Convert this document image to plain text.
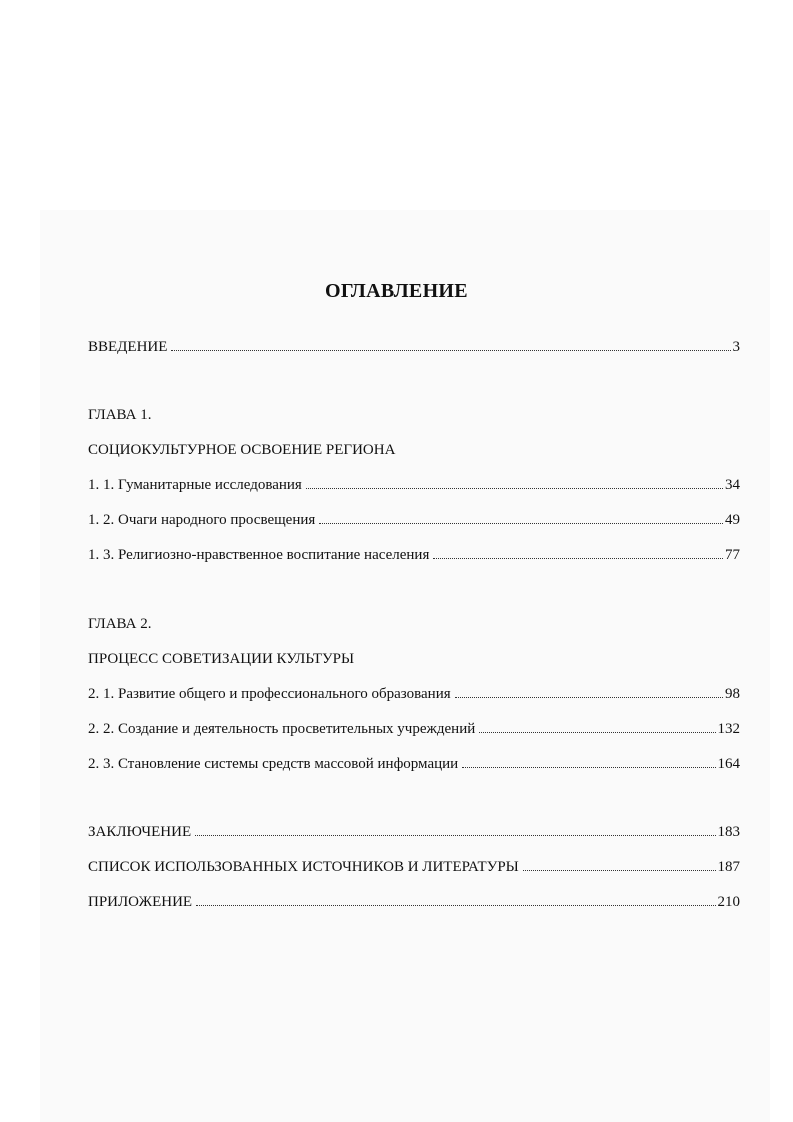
ОГЛАВЛЕНИЕ
ВВЕДЕНИЕ	3
ГЛАВА 1.
СОЦИОКУЛЬТУРНОЕ ОСВОЕНИЕ РЕГИОНА
1. 1. Гуманитарные исследования	34
1. 2. Очаги народного просвещения	49
1. 3. Религиозно-нравственное воспитание населения	77
ГЛАВА 2.
ПРОЦЕСС СОВЕТИЗАЦИИ КУЛЬТУРЫ
2. 1. Развитие общего и профессионального образования	98
2. 2. Создание и деятельность просветительных учреждений	132
2. 3. Становление системы средств массовой информации	164
ЗАКЛЮЧЕНИЕ	183
СПИСОК ИСПОЛЬЗОВАННЫХ ИСТОЧНИКОВ И ЛИТЕРАТУРЫ	187
ПРИЛОЖЕНИЕ	210
